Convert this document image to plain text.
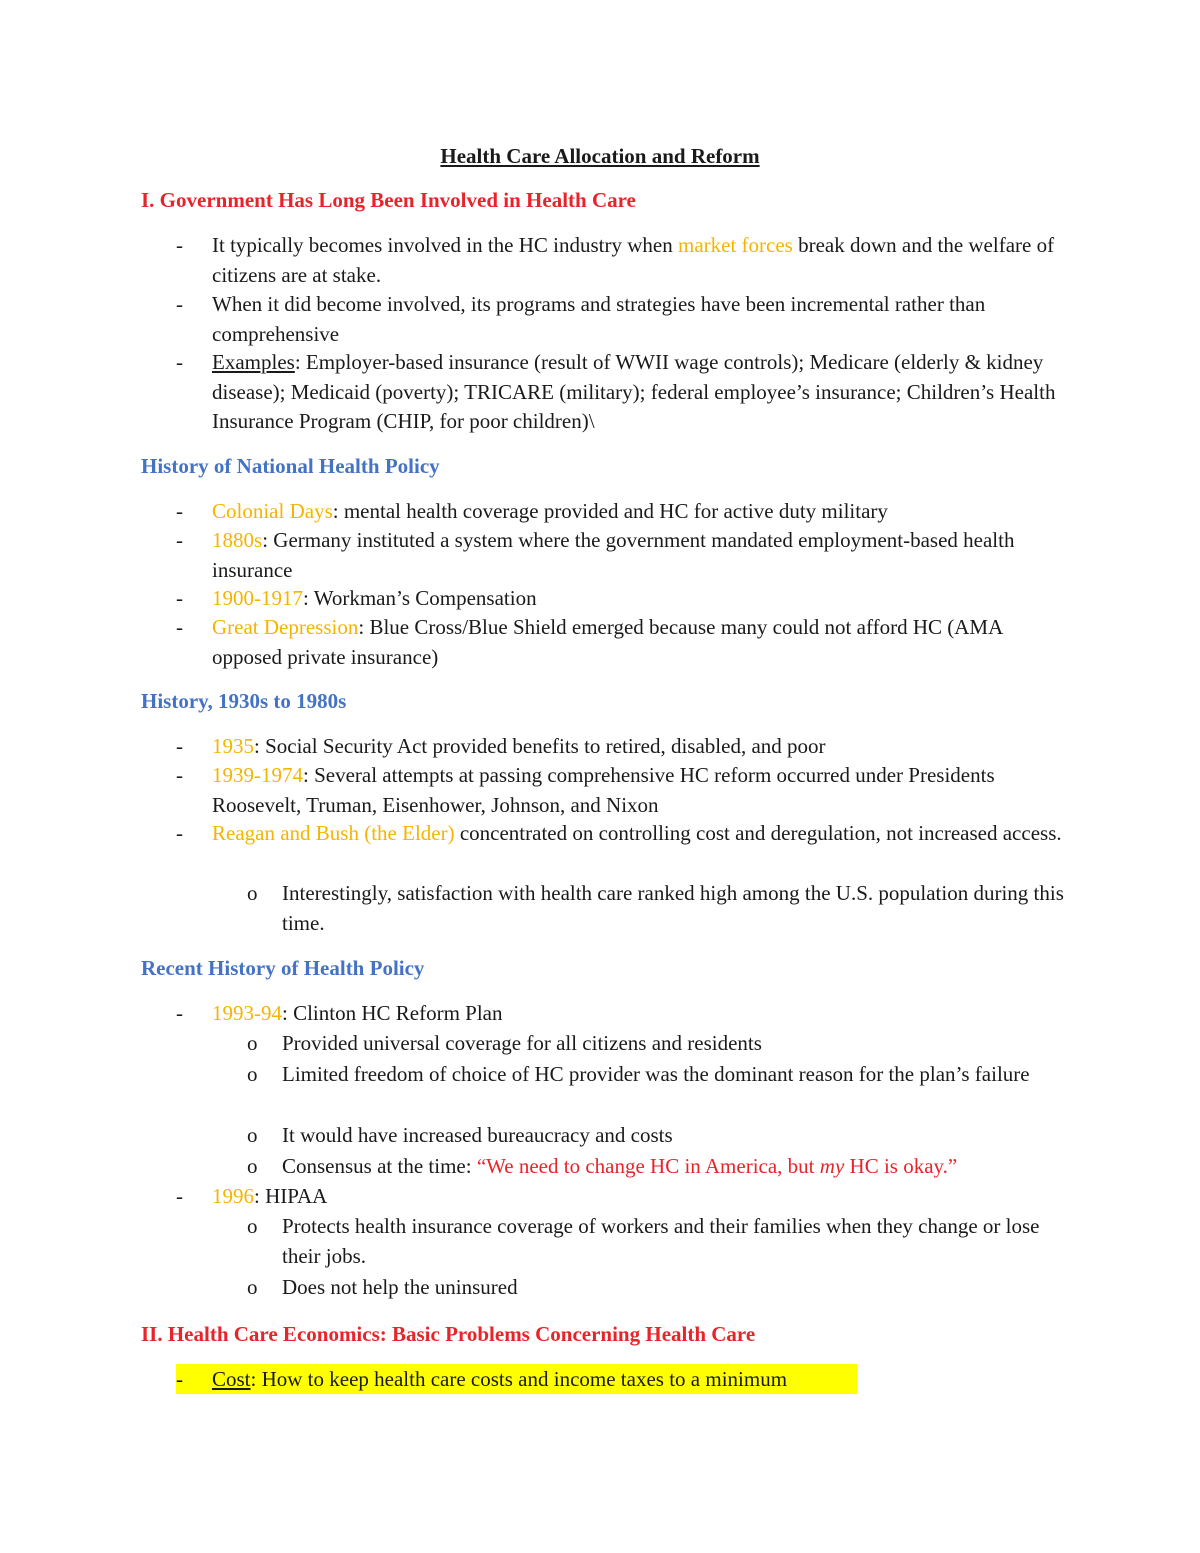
Health Care Allocation and Reform
I. Government Has Long Been Involved in Health Care
- It typically becomes involved in the HC industry when market forces break down and the welfare of citizens are at stake.
- When it did become involved, its programs and strategies have been incremental rather than comprehensive
- Examples: Employer-based insurance (result of WWII wage controls); Medicare (elderly & kidney disease); Medicaid (poverty); TRICARE (military); federal employee’s insurance; Children’s Health Insurance Program (CHIP, for poor children)\
History of National Health Policy
- Colonial Days: mental health coverage provided and HC for active duty military
- 1880s: Germany instituted a system where the government mandated employment-based health insurance
- 1900-1917: Workman’s Compensation
- Great Depression: Blue Cross/Blue Shield emerged because many could not afford HC (AMA opposed private insurance)
History, 1930s to 1980s
- 1935: Social Security Act provided benefits to retired, disabled, and poor
- 1939-1974: Several attempts at passing comprehensive HC reform occurred under Presidents Roosevelt, Truman, Eisenhower, Johnson, and Nixon
- Reagan and Bush (the Elder) concentrated on controlling cost and deregulation, not increased access.
o Interestingly, satisfaction with health care ranked high among the U.S. population during this time.
Recent History of Health Policy
- 1993-94: Clinton HC Reform Plan
o Provided universal coverage for all citizens and residents
o Limited freedom of choice of HC provider was the dominant reason for the plan’s failure
o It would have increased bureaucracy and costs
o Consensus at the time: “We need to change HC in America, but my HC is okay.”
- 1996: HIPAA
o Protects health insurance coverage of workers and their families when they change or lose their jobs.
o Does not help the uninsured
II. Health Care Economics: Basic Problems Concerning Health Care
- Cost: How to keep health care costs and income taxes to a minimum
